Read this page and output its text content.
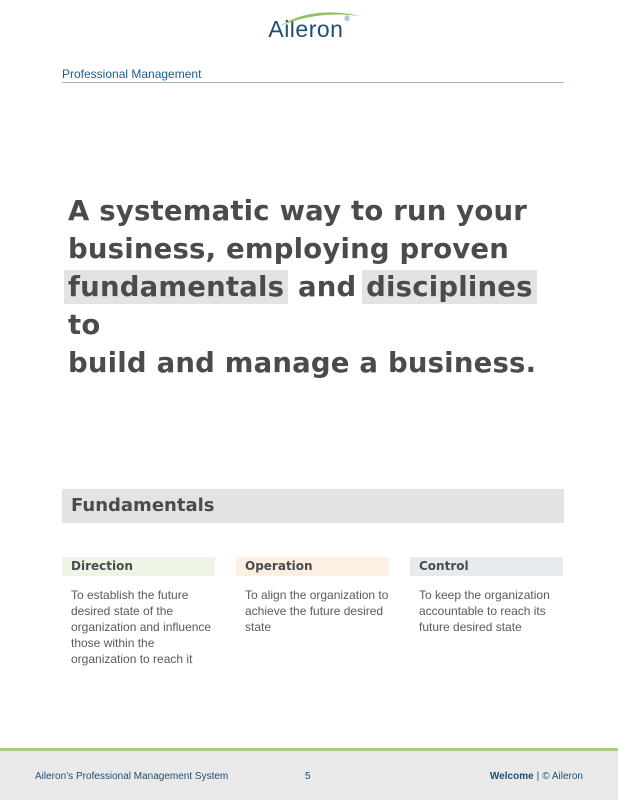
Aileron®
Professional Management
A systematic way to run your
business, employing proven
fundamentals and disciplines to
build and manage a business.
Fundamentals
Direction
To establish the future desired state of the organization and influence those within the organization to reach it
Operation
To align the organization to achieve the future desired state
Control
To keep the organization accountable to reach its future desired state
Aileron’s Professional Management System	5	Welcome | © Aileron
